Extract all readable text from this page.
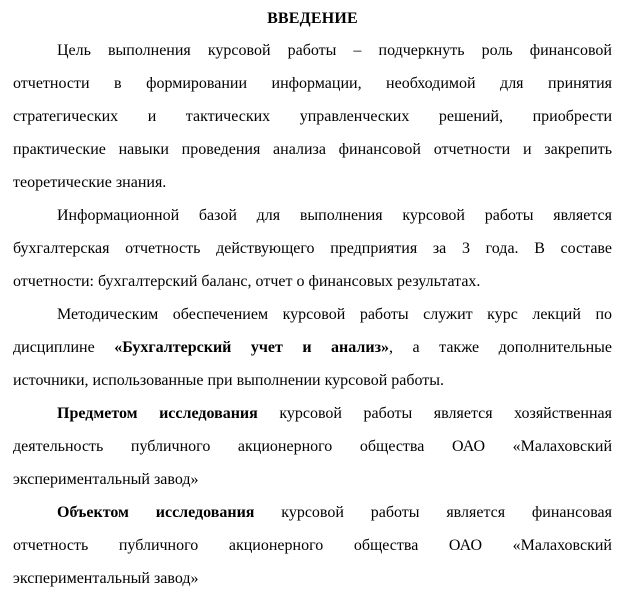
ВВЕДЕНИЕ
Цель выполнения курсовой работы – подчеркнуть роль финансовой
отчетности в формировании информации, необходимой для принятия
стратегических и тактических управленческих решений, приобрести
практические навыки проведения анализа финансовой отчетности и закрепить
теоретические знания.
Информационной базой для выполнения курсовой работы является
бухгалтерская отчетность действующего предприятия за 3 года. В составе
отчетности: бухгалтерский баланс, отчет о финансовых результатах.
Методическим обеспечением курсовой работы служит курс лекций по
дисциплине «Бухгалтерский учет и анализ», а также дополнительные
источники, использованные при выполнении курсовой работы.
Предметом исследования курсовой работы является хозяйственная
деятельность публичного акционерного общества ОАО «Малаховский
экспериментальный завод»
Объектом исследования курсовой работы является финансовая
отчетность публичного акционерного общества ОАО «Малаховский
экспериментальный завод»
